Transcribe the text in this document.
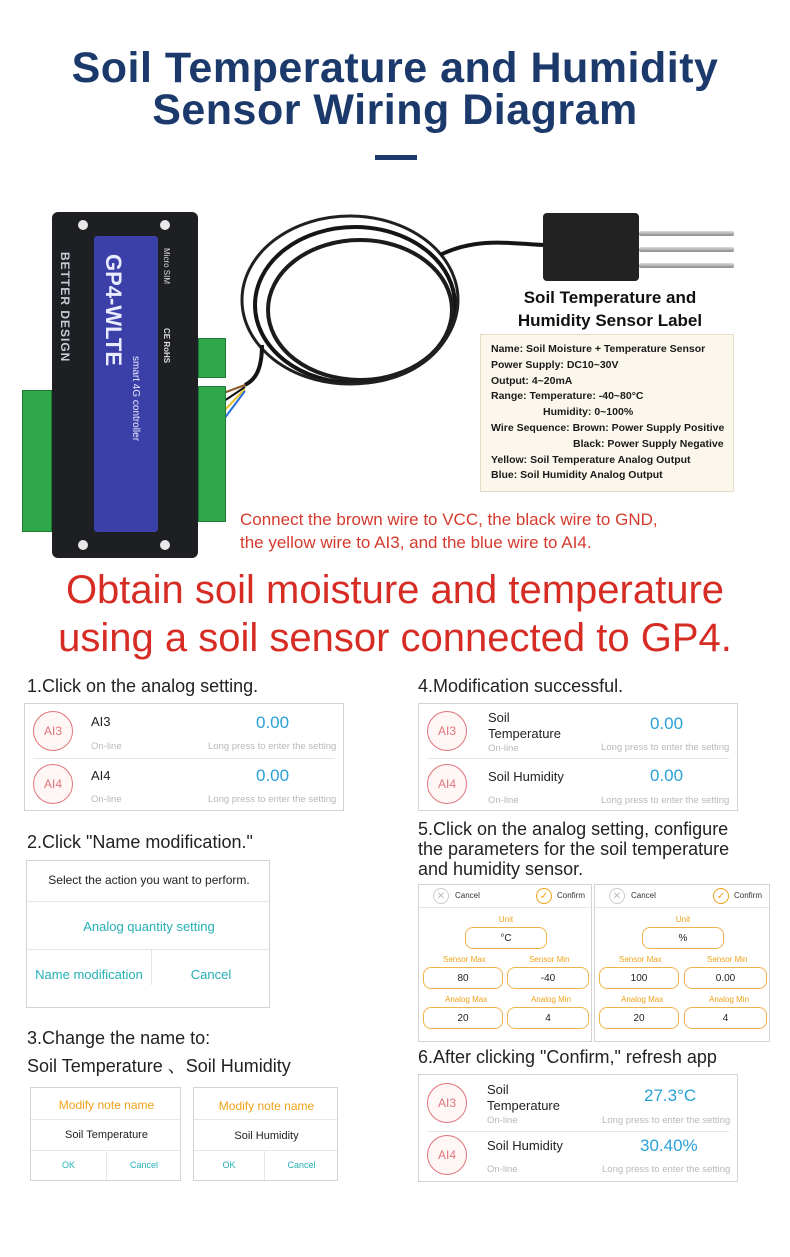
Soil Temperature and Humidity
Sensor Wiring Diagram
BETTER DESIGN GP4-WLTE
smart 4G controller
Micro SIM
CE RoHS
Soil Temperature and
Humidity Sensor Label
Name: Soil Moisture + Temperature Sensor
Power Supply: DC10~30V
Output: 4~20mA
Range: Temperature: -40~80°C
Humidity: 0~100%
Wire Sequence: Brown: Power Supply Positive
Black: Power Supply Negative
Yellow: Soil Temperature Analog Output
Blue: Soil Humidity Analog Output
Connect the brown wire to VCC, the black wire to GND,
the yellow wire to AI3, and the blue wire to AI4.
Obtain soil moisture and temperature
using a soil sensor connected to GP4.
1.Click on the analog setting.
AI3
AI3	0.00
On-line	Long press to enter the setting
AI4
AI4	0.00
On-line	Long press to enter the setting
2.Click "Name modification."
Select the action you want to perform.
Analog quantity setting
Name modification	Cancel
3.Change the name to:
Soil Temperature 、Soil Humidity
Modify note name
Soil Temperature
OK	Cancel
Modify note name
Soil Humidity
OK	Cancel
4.Modification successful.
AI3
Soil
Temperature
0.00
On-line	Long press to enter the setting
AI4	Soil Humidity	0.00
On-line	Long press to enter the setting
5.Click on the analog setting, configure
the parameters for the soil temperature
and humidity sensor.
✕	Cancel	✓	Confirm
Unit
°C
Sensor Max	Sensor Min
80	-40
Analog Max	Analog Min
20	4
✕	Cancel	✓	Confirm
Unit
%
Sensor Max	Sensor Min
100	0.00
Analog Max	Analog Min
20	4
6.After clicking "Confirm," refresh app
AI3
Soil
Temperature
27.3°C
On-line	Long press to enter the setting
AI4
Soil Humidity	30.40%
On-line	Long press to enter the setting
